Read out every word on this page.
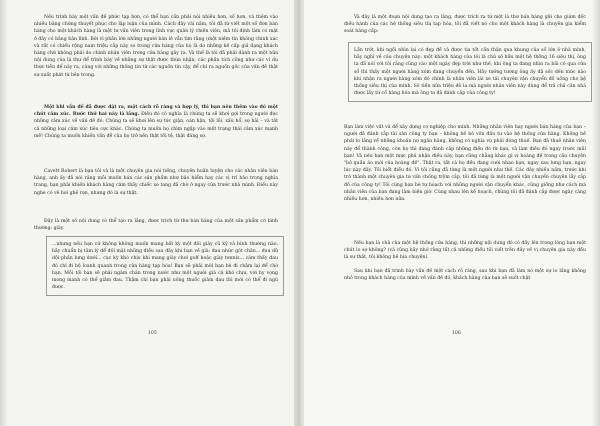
Nếu trình bày một vấn đề phức tạp hơn, có thể bạn cần phải nói nhiều hơn, số hơn, và thêm vào nhiều bằng chứng thuyết phục cho lập luận của mình. Cách đây vài năm, tôi đã từ viết một số đơn bán hàng cho một khách hàng là một tư vấn viên trong lĩnh vực quản lý chiến viên, mà tôi định làm có mặt ở đây có bằng bản lĩnh. Bởi vì phần lớn những người bán lẻ vẫn tìm rằng (một niềm tin không chính xác và rất có chiều rộng nam triệu cấp này so trong cửa hàng của họ là do những kẻ cấp giả dạng khách hàng chứ không phải do chính nhân viên trong cửa hàng gây ra. Và thế là tôi đã phải dành ra một nửa nội dung của lá thư để trình bày về những sự thật được thừa nhận, các phần tích công như các ví dụ thực tiễn để này ra, cùng với những thông tin từ các nguồn tin cậy, để chỉ ra nguồn gốc của vấn đề thật sự xuất phát từ bên trong.

Một khi vấn đề đã được đặt ra, một cách rõ ràng và hợp lý, thì bạn nên thêm vào đó một chút cảm xúc. Bước thứ hai này là lắng. Điều đó có nghĩa là chúng ta sẽ khơi gợi trong người đọc những cảm xúc về vấn đề đó. Chúng ta sẽ khơi lên sự tức giận, oán hận, tội lỗi, xấu hổ, sợ hãi – và tất cả những loại cảm xúc tiêu cực khác. Chúng ta muốn họ chìm ngập vào một trạng thái cảm xúc mạnh mẽ! Chúng ta muốn khiến vấn đề của họ trở nên thật tồi tệ, thật đáng sợ.

Cavett Robert là bạn tôi và là một chuyên gia nói tiếng, chuyên huấn luyện cho các nhân viên bán hàng, anh ấy đã nói rằng mỗi muốn bán các sản phẩm như bảo hiểm hay các vị trí bảo trong nghĩa trang, bạn phải khiến khách hàng cảm thấy chiếc xe tang đã chờ ở ngay cửa trước nhà mình. Điều này nghe có vẻ hơi ghê rợn, nhưng đó là sự thật.

Đây là một số nội dung có thể tạo ra lắng, được trích từ thư bán hàng của một sản phẩm cờ bình thường: giày.

...nhưng nếu bạn cứ không không muốn mang bất kỳ một đôi giày cũ kỹ và bình thường nào, hãy chuẩn bị tâm lý để đối mặt những điều sau đây khi bạn về già: đau nhức gót chân... đau dữ dội phần lưng dưới... cục kỳ khó chịu khi mang giày chơi golf hoặc giày tennis... cảm thấy đau đó chỉ đi bộ loanh quanh trong cửa hàng tạp hóa! Bạn sẽ phải mời bạn bè đi chậm lại để chờ bạn. Mỗi tối bạn sẽ phải ngâm chân trong nước như một người già cả khó chịu, với hy vọng mong manh có thể giảm đau. Thậm chí bạn phải uống thuốc giảm đau thì mới có thể đi ngủ được.

105

Và đây là một đoạn nội dung tạo ra lắng, được trích ra từ một lá thư bán hàng gửi cho giám đốc điều hành của các hệ thống siêu thị tạp hóa, tôi đã viết nó cho một khách hàng là chuyên gia kiểm soát hàng cấp:

Lần trớt, khi ngồi nhìn lại có đẹp đề và được tia tốt cần thận qua khung của số lớn ở nhà mình, hãy nghĩ về câu chuyện này: một khách hàng của tôi là chủ sở hữu một hệ thống 16 siêu thị, ông ta đã nói với tôi rằng cũng vào một ngày đẹp trời như thế, khi ông ta đang nhìn ra bãi cỏ qua cửa sổ thì thấy một người hàng xóm đang chuyển đến. Hãy tưởng tượng ông ấy đã sốc đến mức nào khi nhận ra người hàng xóm đó chính là nhân viên lái xe tải chuyên vận chuyển đồ uống cho hệ thống siêu thị của mình. Số tiền nửa triệu đô la mà người nhân viên này dùng để trả chả căn nhà được lấy từ cổ hàng hóa mà ông ta đã đánh cắp của công ty!

Bạn làm việc vất vả để xây dựng cơ nghiệp cho mình. Những nhân viên hay người bán hàng của bạn – người đã đánh cắp tài sản công ty bạn – không hề bỏ vốn đầu tư vào hệ thống cửa hàng. Không hề phải lo lắng về những khoản nợ ngân hàng, không có nghĩa vụ phải đóng thuế. Bạn đã thuê nhân viên này để thành công, còn họ thì đang đánh cắp những điều đó từ bạn, và làm điều đó ngay trước mũi bạn! Và nếu bạn một mực phủ nhận điều này, bạn cũng chẳng khác gì vị hoàng đế trong câu chuyện "bộ quần áo mới của hoàng đế". Thật ra, tất cả họ đều đang cười nhạo bạn, ngay sau lưng bạn, ngay lúc này đây. Tôi biết điều đó. Vì tôi cũng đã từng là một người như thế. Các đây nhiều năm, trước khi trở thành một chuyên gia tư vấn chống trộm cắp, tôi đã từng là một người vận chuyển chuyên lấy cắp đồ của công ty! Tôi cùng bạn bè tự hoạch với những người vận chuyển khác, cũng giống như cách mà nhân viên của bạn đang làm hiện giờ. Cùng nhau lên kế hoạch, chúng tôi đã đánh cắp được ngày càng nhiều hơn, nhiều hơn nữa.

Nếu bạn là chủ của một hệ thống cửa hàng, thì những nội dung đó có đầy lên trong lòng bạn một chút lo sợ không? (và cũng hãy nhớ rằng tất cả những điều tôi viết trên đây về vị chuyên gia này đều là sự thật, tôi không hề bịa chuyện).

Sau khi bạn đã trình bày vấn đề một cách rõ ràng, sau khi bạn đã làm nó một sự lo lắng không nhỏ trong khách hàng của mình về vấn đề đó, khách hàng của bạn sẽ suốt chật

106
